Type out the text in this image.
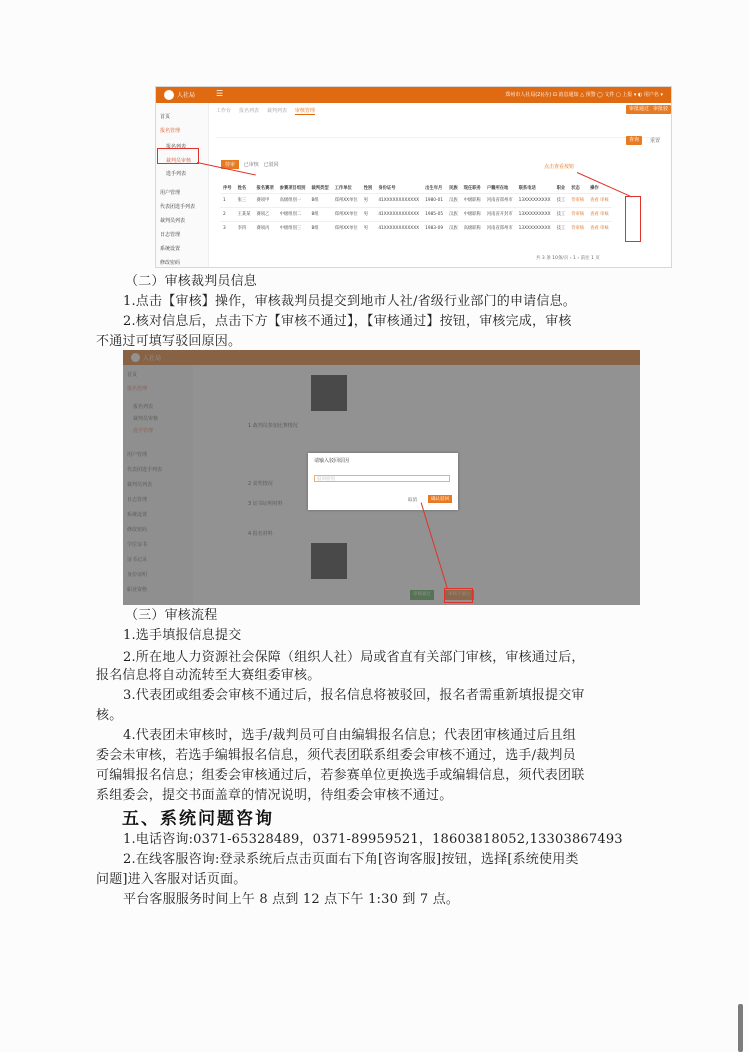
人社局	☰	郑州市人社局(2)(办) ⊡ 消息通知 △ 预警 ◯ 文件 ▢ 上报 ▾ ◐ 用户名 ▾
首页
报名管理
报名列表
裁判员审核
选手列表
用户管理
代表团选手列表
裁判员列表
日志管理
系统设置
修改密码
工作台 报名列表 裁判列表 审核管理	审批通过 审批驳回
查询	重置
待审 已审核 已驳回	点击查看按钮
序号	姓名	报名赛项	参赛项目组别	裁判类型	工作单位	性别	身份证号	出生年月	民族	现任职务	户籍所在地	联系电话	职业	状态	操作
1	张三	赛项甲	高级组别一	B组	郑州XX单位	男	41XXXXXXXXXXXX	1980-01	汉族	中级职称	河南省郑州市	13XXXXXXXXX	技工	待审核	查看 审核
2	王某某	赛项乙	中级组别二	B组	郑州XX单位	男	41XXXXXXXXXXXX	1985-05	汉族	中级职称	河南省开封市	13XXXXXXXXX	技工	待审核	查看 审核
3	李四	赛项丙	中级组别三	B组	郑州XX单位	男	41XXXXXXXXXXXX	1983-09	汉族	高级职称	河南省郑州市	13XXXXXXXXX	技工	待审核	查看 审核
共 3 条 10条/页 ‹ 1 › 前往 1 页
（二）审核裁判员信息
1.点击【审核】操作，审核裁判员提交到地市人社/省级行业部门的申请信息。
2.核对信息后，点击下方【审核不通过】，【审核通过】按钮，审核完成，审核
不通过可填写驳回原因。
请输入驳回原因
驳回原因
取消	确认驳回
（三）审核流程
1.选手填报信息提交
2.所在地人力资源社会保障（组织人社）局或省直有关部门审核，审核通过后，
报名信息将自动流转至大赛组委审核。
3.代表团或组委会审核不通过后，报名信息将被驳回，报名者需重新填报提交审
核。
4.代表团未审核时，选手/裁判员可自由编辑报名信息；代表团审核通过后且组
委会未审核，若选手编辑报名信息，须代表团联系组委会审核不通过，选手/裁判员
可编辑报名信息；组委会审核通过后，若参赛单位更换选手或编辑信息，须代表团联
系组委会，提交书面盖章的情况说明，待组委会审核不通过。
五、系统问题咨询
1.电话咨询:0371-65328489，0371-89959521，18603818052,13303867493
2.在线客服咨询:登录系统后点击页面右下角[咨询客服]按钮，选择[系统使用类
问题]进入客服对话页面。
平台客服服务时间上午 8 点到 12 点下午 1:30 到 7 点。
